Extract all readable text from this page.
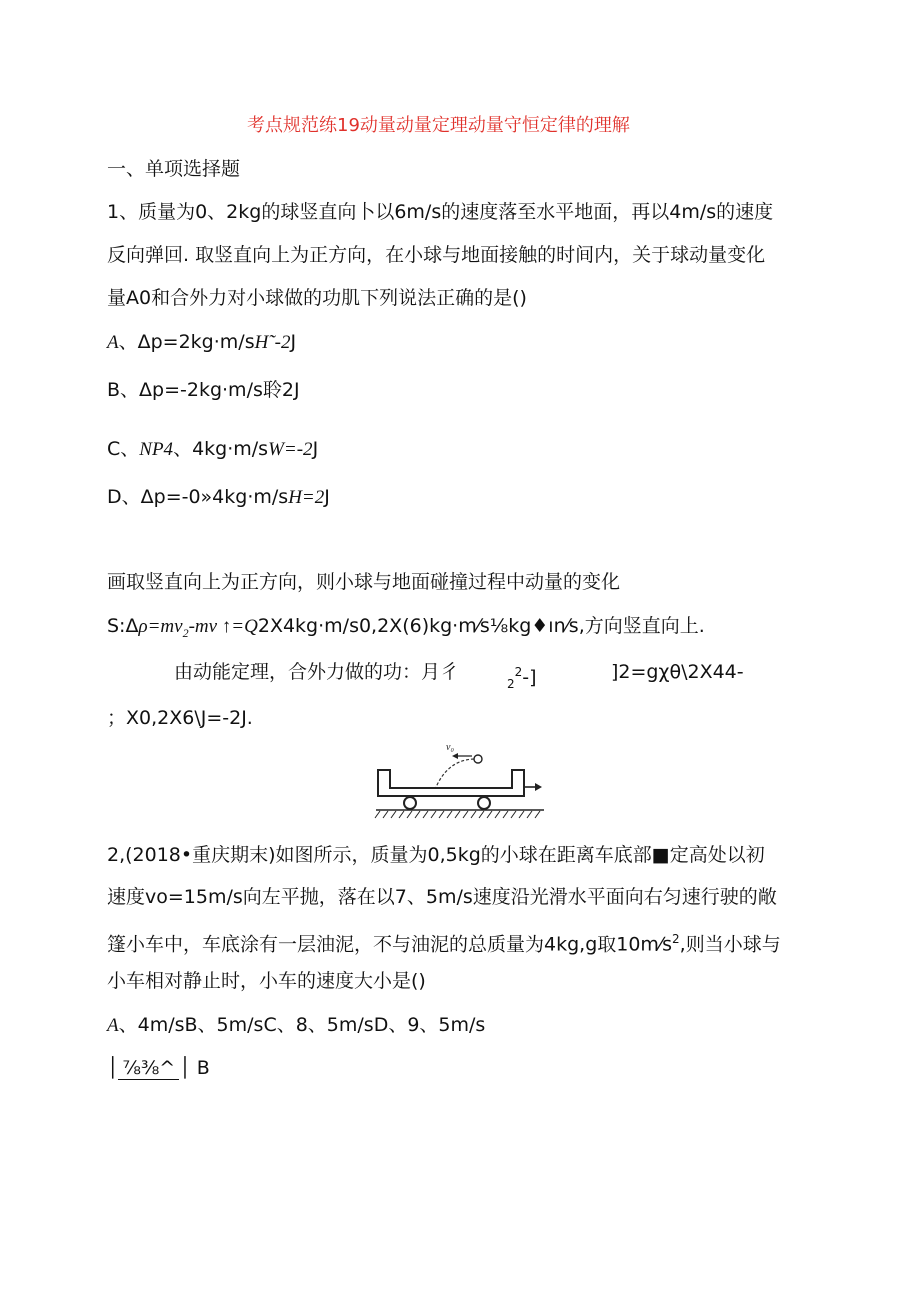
考点规范练19动量动量定理动量守恒定律的理解
一、单项选择题
1、质量为0、2kg的球竖直向卜以6m/s的速度落至水平地面，再以4m/s的速度
反向弹回. 取竖直向上为正方向，在小球与地面接触的时间内，关于球动量变化
量A0和合外力对小球做的功肌下列说法正确的是()
A、Δp=2kg·m/sH˜-2J
B、Δp=-2kg·m/s聆2J
C、NP4、4kg·m/sW=-2J
D、Δp=-0»4kg·m/sH=2J
画取竖直向上为正方向，则小球与地面碰撞过程中动量的变化
$S:\Delta\rho=mv_2-mv$ ↑=Q2X4kg·m/s0,2X(6)kg·m⁄s⅛kg♦ın⁄s,方向竖直向上.
由动能定理，合外力做的功：月彳
$_2^2$-]	]2=gχθ\2X44-
；X0,2X6\J=-2J.
v₀
2,(2018•重庆期末)如图所示，质量为0,5kg的小球在距离车底部■定高处以初
速度vo=15m/s向左平抛，落在以7、5m/s速度沿光滑水平面向右匀速行驶的敞
篷小车中，车底涂有一层油泥，不与油泥的总质量为4kg,g取$10m⁄s^2$,则当小球与
小车相对静止时，小车的速度大小是()
A、4m/sB、5m/sC、8、5m/sD、9、5m/s
│ ⅞⅜^ │ B
